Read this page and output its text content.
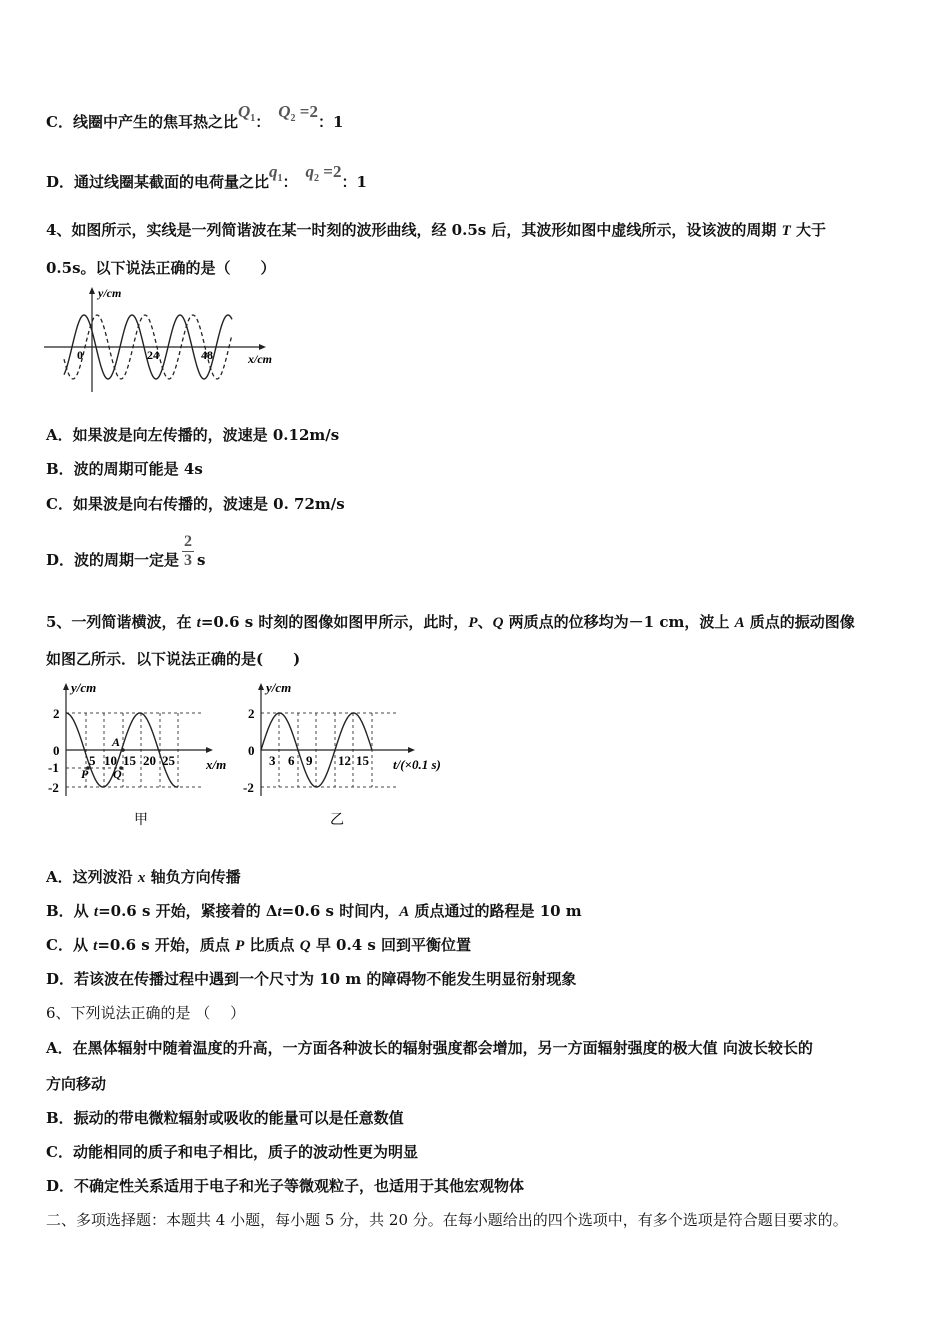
C．线圈中产生的焦耳热之比$Q_1$：$Q_2 =2$：1
D．通过线圈某截面的电荷量之比$q_1$：$q_2 =2$：1
4、如图所示，实线是一列简谐波在某一时刻的波形曲线，经 0.5s 后，其波形如图中虚线所示，设该波的周期 T 大于
0.5s。以下说法正确的是（　　）
y/cm
x/cm
0	24	48
A．如果波是向左传播的，波速是 0.12m/s
B．波的周期可能是 4s
C．如果波是向右传播的，波速是 0. 72m/s
D．波的周期一定是 $\frac{2}{3}$ s
5、一列简谐横波，在 t=0.6 s 时刻的图像如图甲所示，此时，P、Q 两质点的位移均为－1 cm，波上 A 质点的振动图像
如图乙所示．以下说法正确的是(　　)
y/cm
x/m
2
0
-1
-2
5 10 15 20 25
A
P Q
甲
y/cm
t/(×0.1 s)
2
0
-2
3 6 9 12 15
乙
A．这列波沿 x 轴负方向传播
B．从 t=0.6 s 开始，紧接着的 Δt=0.6 s 时间内，A 质点通过的路程是 10 m
C．从 t=0.6 s 开始，质点 P 比质点 Q 早 0.4 s 回到平衡位置
D．若该波在传播过程中遇到一个尺寸为 10 m 的障碍物不能发生明显衍射现象
6、下列说法正确的是 （　 ）
A．在黑体辐射中随着温度的升高，一方面各种波长的辐射强度都会增加，另一方面辐射强度的极大值 向波长较长的
方向移动
B．振动的带电微粒辐射或吸收的能量可以是任意数值
C．动能相同的质子和电子相比，质子的波动性更为明显
D．不确定性关系适用于电子和光子等微观粒子，也适用于其他宏观物体
二、多项选择题：本题共 4 小题，每小题 5 分，共 20 分。在每小题给出的四个选项中，有多个选项是符合题目要求的。
